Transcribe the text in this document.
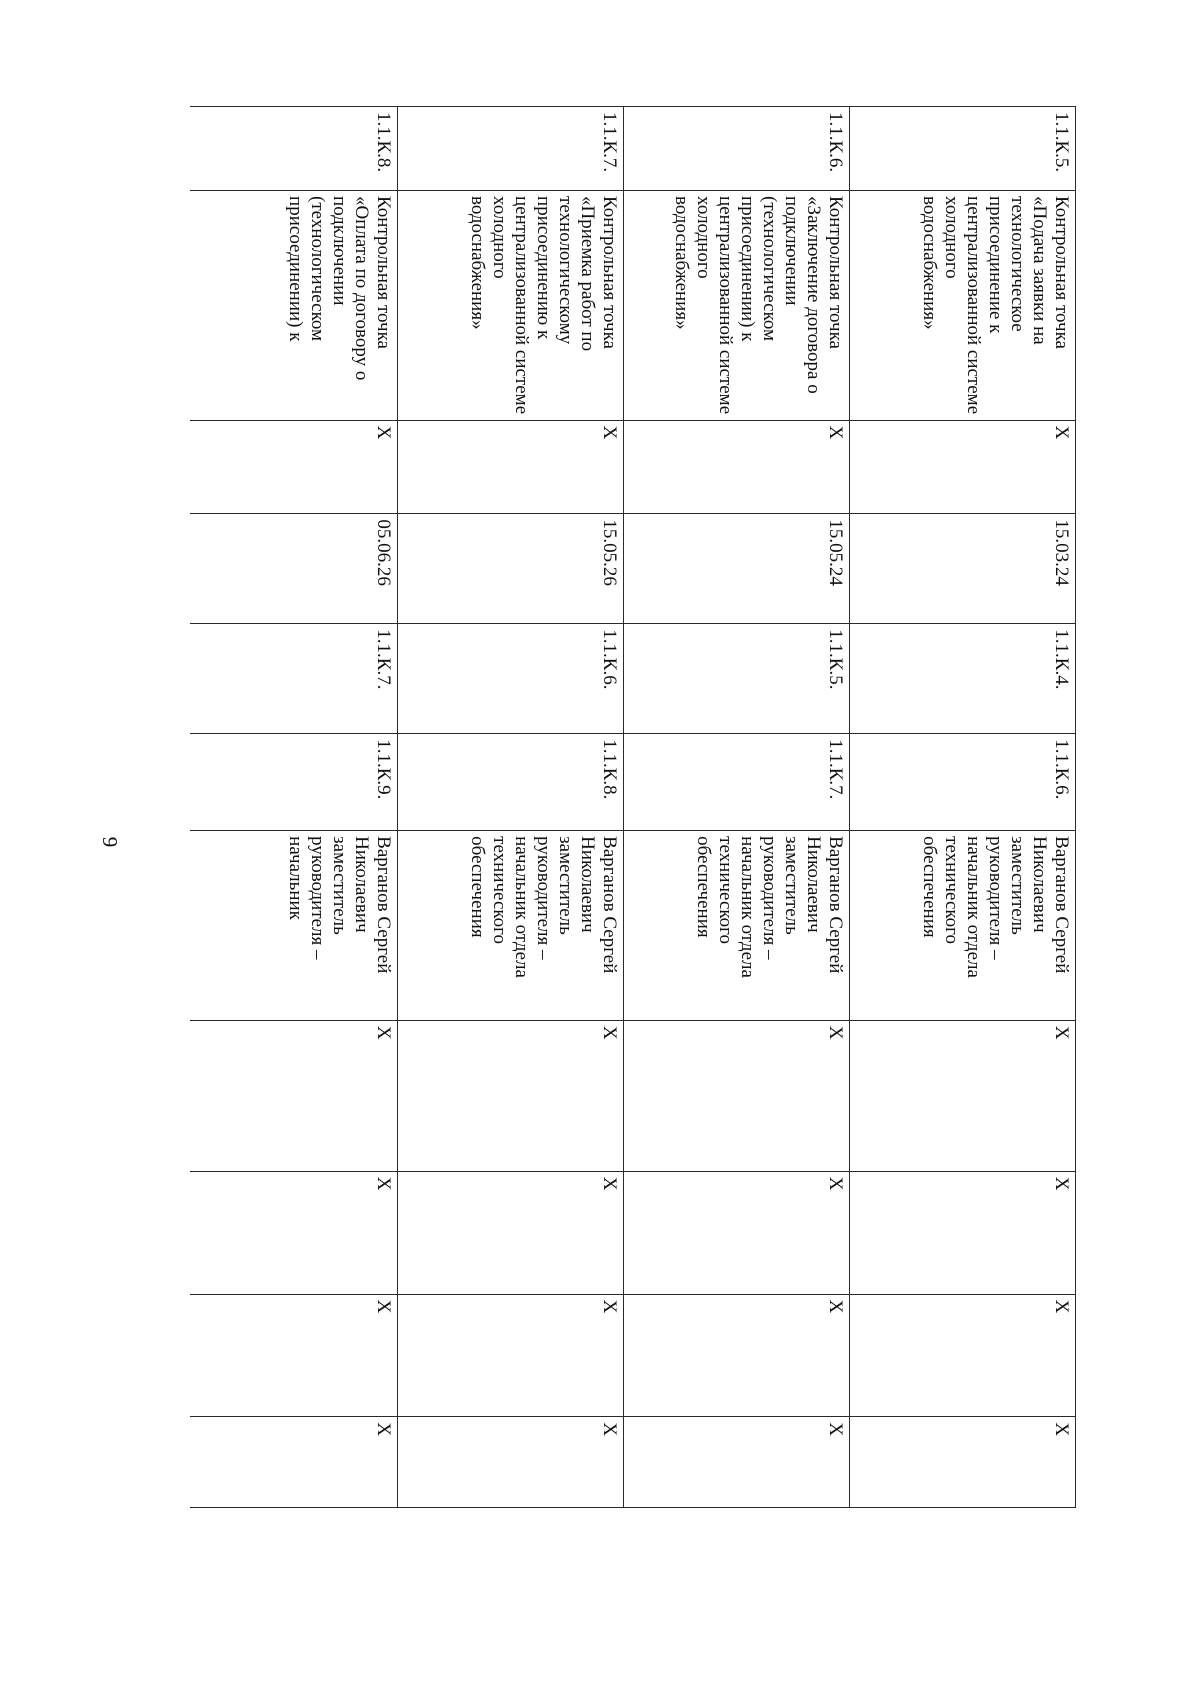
9
1.1.К.5.	Контрольная точка «Подача заявки на технологическое присоединение к централизованной системе холодного водоснабжения»	X	15.03.24	1.1.К.4.	1.1.К.6.	Варганов Сергей Николаевич заместитель руководителя – начальник отдела технического обеспечения	X	X	X	X
1.1.К.6.	Контрольная точка «Заключение договора о подключении (технологическом присоединении) к централизованной системе холодного водоснабжения»	X	15.05.24	1.1.К.5.	1.1.К.7.	Варганов Сергей Николаевич заместитель руководителя – начальник отдела технического обеспечения	X	X	X	X
1.1.К.7.	Контрольная точка «Приемка работ по технологическому присоединению к централизованной системе холодного водоснабжения»	X	15.05.26	1.1.К.6.	1.1.К.8.	Варганов Сергей Николаевич заместитель руководителя – начальник отдела технического обеспечения	X	X	X	X
1.1.К.8.	Контрольная точка «Оплата по договору о подключении (технологическом присоединении) к	X	05.06.26	1.1.К.7.	1.1.К.9.	Варганов Сергей Николаевич заместитель руководителя – начальник	X	X	X	X
